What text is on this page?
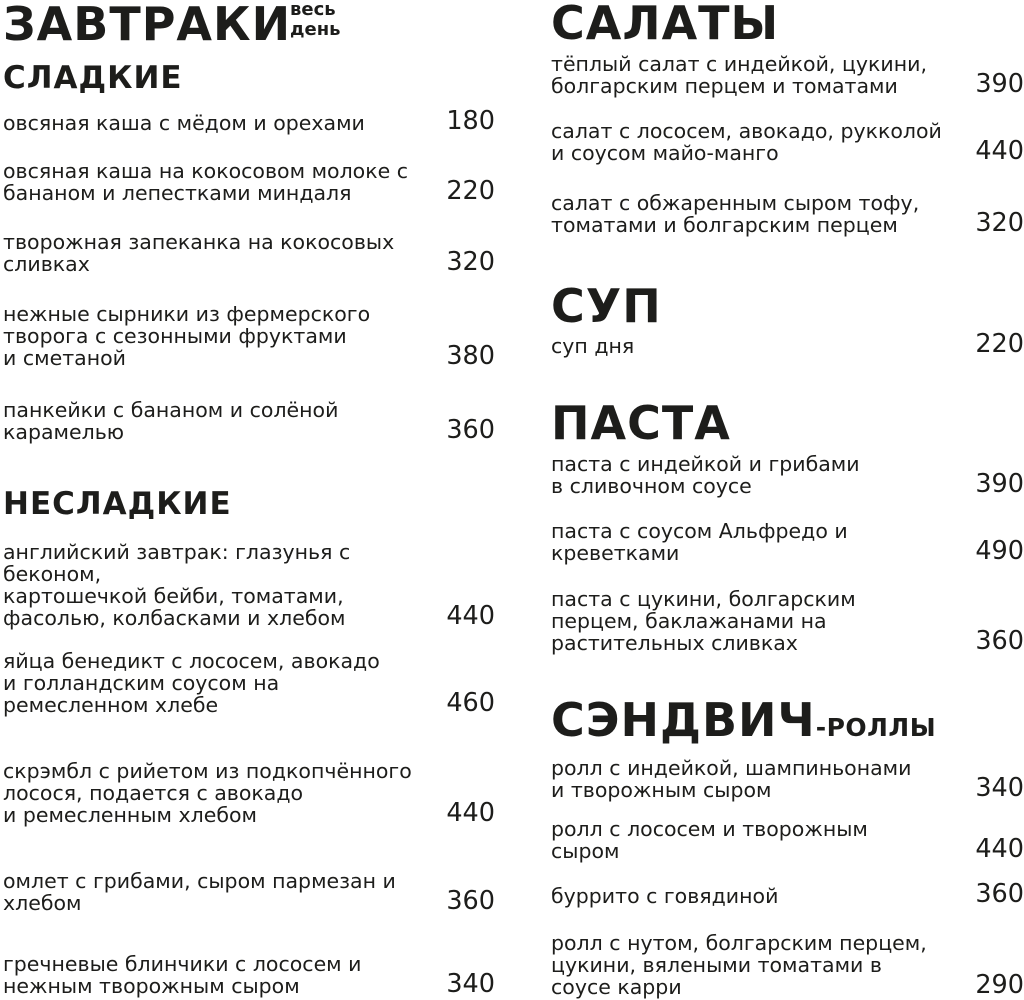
ЗАВТРАКИ
весь
день
СЛАДКИЕ
овсяная каша с мёдом и орехами	180
овсяная каша на кокосовом молоке с
бананом и лепестками миндаля	220
творожная запеканка на кокосовых
сливках	320
нежные сырники из фермерского
творога с сезонными фруктами
и сметаной	380
панкейки с бананом и солёной
карамелью	360
НЕСЛАДКИЕ
английский завтрак: глазунья с беконом,
картошечкой бейби, томатами,
фасолью, колбасками и хлебом	440
яйца бенедикт с лососем, авокадо
и голландским соусом на
ремесленном хлебе	460
скрэмбл с рийетом из подкопчённого
лосося, подается с авокадо
и ремесленным хлебом	440
омлет с грибами, сыром пармезан и
хлебом	360
гречневые блинчики с лососем и
нежным творожным сыром	340
САЛАТЫ
тёплый салат с индейкой, цукини,
болгарским перцем и томатами	390
салат с лососем, авокадо, рукколой
и соусом майо-манго	440
салат с обжаренным сыром тофу,
томатами и болгарским перцем	320
СУП
суп дня	220
ПАСТА
паста с индейкой и грибами
в сливочном соусе	390
паста с соусом Альфредо и
креветками	490
паста с цукини, болгарским
перцем, баклажанами на
растительных сливках	360
СЭНДВИЧ-РОЛЛЫ
ролл с индейкой, шампиньонами
и творожным сыром	340
ролл с лососем и творожным
сыром	440
буррито с говядиной	360
ролл с нутом, болгарским перцем,
цукини, вялеными томатами в
соусе карри	290
